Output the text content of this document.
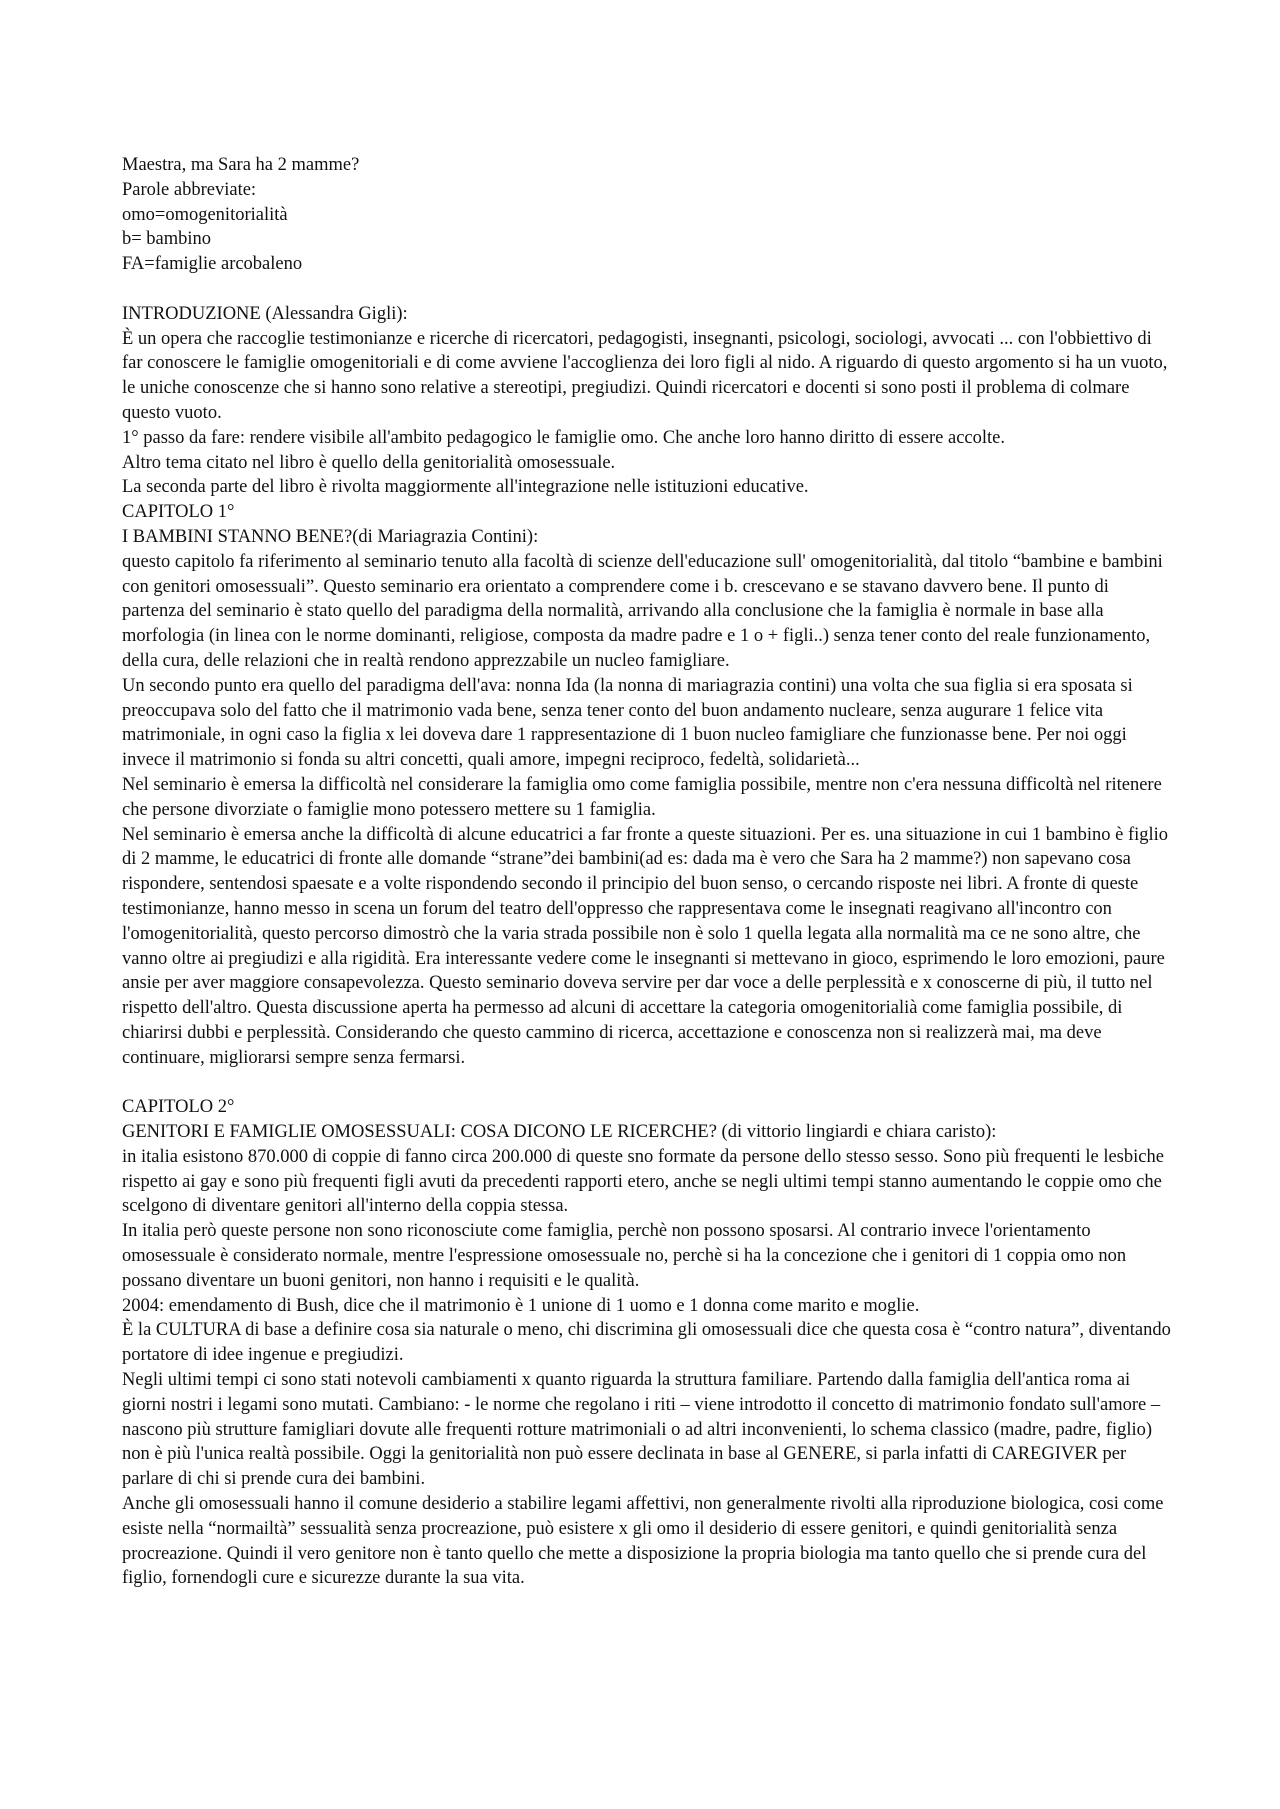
Maestra, ma Sara ha 2 mamme?

Parole abbreviate:

omo=omogenitorialità

b= bambino

FA=famiglie arcobaleno

INTRODUZIONE (Alessandra Gigli):

È un opera che raccoglie testimonianze e ricerche di ricercatori, pedagogisti, insegnanti, psicologi, sociologi, avvocati ... con l'obbiettivo di far conoscere le famiglie omogenitoriali e di come avviene l'accoglienza dei loro figli al nido. A riguardo di questo argomento si ha un vuoto, le uniche conoscenze che si hanno sono relative a stereotipi, pregiudizi. Quindi ricercatori e docenti si sono posti il problema di colmare questo vuoto.

1° passo da fare: rendere visibile all'ambito pedagogico le famiglie omo. Che anche loro hanno diritto di essere accolte.

Altro tema citato nel libro è quello della genitorialità omosessuale.

La seconda parte del libro è rivolta maggiormente all'integrazione nelle istituzioni educative.

CAPITOLO 1°

I BAMBINI STANNO BENE?(di Mariagrazia Contini):

questo capitolo fa riferimento al seminario tenuto alla facoltà di scienze dell'educazione sull' omogenitorialità, dal titolo “bambine e bambini con genitori omosessuali”. Questo seminario era orientato a comprendere come i b. crescevano e se stavano davvero bene. Il punto di partenza del seminario è stato quello del paradigma della normalità, arrivando alla conclusione che la famiglia è normale in base alla morfologia (in linea con le norme dominanti, religiose, composta da madre padre e 1 o + figli..) senza tener conto del reale funzionamento, della cura, delle relazioni che in realtà rendono apprezzabile un nucleo famigliare.

Un secondo punto era quello del paradigma dell'ava: nonna Ida (la nonna di mariagrazia contini) una volta che sua figlia si era sposata si preoccupava solo del fatto che il matrimonio vada bene, senza tener conto del buon andamento nucleare, senza augurare 1 felice vita matrimoniale, in ogni caso la figlia x lei doveva dare 1 rappresentazione di 1 buon nucleo famigliare che funzionasse bene. Per noi oggi invece il matrimonio si fonda su altri concetti, quali amore, impegni reciproco, fedeltà, solidarietà...

Nel seminario è emersa la difficoltà nel considerare la famiglia omo come famiglia possibile, mentre non c'era nessuna difficoltà nel ritenere che persone divorziate o famiglie mono potessero mettere su 1 famiglia.

Nel seminario è emersa anche la difficoltà di alcune educatrici a far fronte a queste situazioni. Per es. una situazione in cui 1 bambino è figlio di 2 mamme, le educatrici di fronte alle domande “strane”dei bambini(ad es: dada ma è vero che Sara ha 2 mamme?) non sapevano cosa rispondere, sentendosi spaesate e a volte rispondendo secondo il principio del buon senso, o cercando risposte nei libri. A fronte di queste testimonianze, hanno messo in scena un forum del teatro dell'oppresso che rappresentava come le insegnati reagivano all'incontro con l'omogenitorialità, questo percorso dimostrò che la varia strada possibile non è solo 1 quella legata alla normalità ma ce ne sono altre, che vanno oltre ai pregiudizi e alla rigidità. Era interessante vedere come le insegnanti si mettevano in gioco, esprimendo le loro emozioni, paure ansie per aver maggiore consapevolezza. Questo seminario doveva servire per dar voce a delle perplessità e x conoscerne di più, il tutto nel rispetto dell'altro. Questa discussione aperta ha permesso ad alcuni di accettare la categoria omogenitorialià come famiglia possibile, di chiarirsi dubbi e perplessità. Considerando che questo cammino di ricerca, accettazione e conoscenza non si realizzerà mai, ma deve continuare, migliorarsi sempre senza fermarsi.

CAPITOLO 2°

GENITORI E FAMIGLIE OMOSESSUALI: COSA DICONO LE RICERCHE? (di vittorio lingiardi e chiara caristo):

in italia esistono 870.000 di coppie di fanno circa 200.000 di queste sno formate da persone dello stesso sesso. Sono più frequenti le lesbiche rispetto ai gay e sono più frequenti figli avuti da precedenti rapporti etero, anche se negli ultimi tempi stanno aumentando le coppie omo che scelgono di diventare genitori all'interno della coppia stessa.

In italia però queste persone non sono riconosciute come famiglia, perchè non possono sposarsi. Al contrario invece l'orientamento omosessuale è considerato normale, mentre l'espressione omosessuale no, perchè si ha la concezione che i genitori di 1 coppia omo non possano diventare un buoni genitori, non hanno i requisiti e le qualità.

2004: emendamento di Bush, dice che il matrimonio è 1 unione di 1 uomo e 1 donna come marito e moglie.

È la CULTURA di base a definire cosa sia naturale o meno, chi discrimina gli omosessuali dice che questa cosa è “contro natura”, diventando portatore di idee ingenue e pregiudizi.

Negli ultimi tempi ci sono stati notevoli cambiamenti x quanto riguarda la struttura familiare. Partendo dalla famiglia dell'antica roma ai giorni nostri i legami sono mutati. Cambiano: - le norme che regolano i riti – viene introdotto il concetto di matrimonio fondato sull'amore – nascono più strutture famigliari dovute alle frequenti rotture matrimoniali o ad altri inconvenienti, lo schema classico (madre, padre, figlio) non è più l'unica realtà possibile. Oggi la genitorialità non può essere declinata in base al GENERE, si parla infatti di CAREGIVER per parlare di chi si prende cura dei bambini.

Anche gli omosessuali hanno il comune desiderio a stabilire legami affettivi, non generalmente rivolti alla riproduzione biologica, cosi come esiste nella “normailtà” sessualità senza procreazione, può esistere x gli omo il desiderio di essere genitori, e quindi genitorialità senza procreazione. Quindi il vero genitore non è tanto quello che mette a disposizione la propria biologia ma tanto quello che si prende cura del figlio, fornendogli cure e sicurezze durante la sua vita.
